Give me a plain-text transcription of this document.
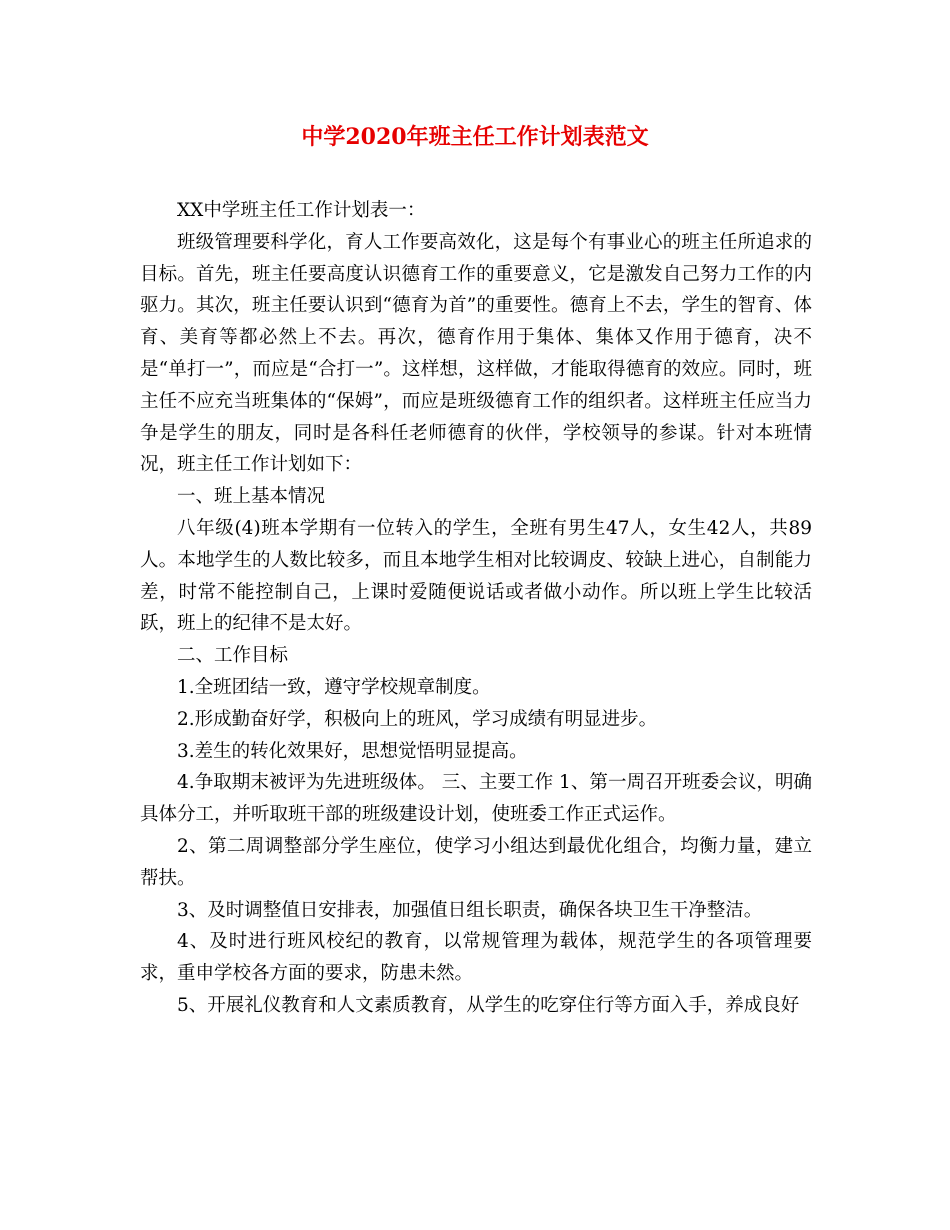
中学2020年班主任工作计划表范文

XX中学班主任工作计划表一：

班级管理要科学化，育人工作要高效化，这是每个有事业心的班主任所追求的目标。首先，班主任要高度认识德育工作的重要意义，它是激发自己努力工作的内驱力。其次，班主任要认识到“德育为首”的重要性。德育上不去，学生的智育、体育、美育等都必然上不去。再次，德育作用于集体、集体又作用于德育，决不是“单打一”，而应是“合打一”。这样想，这样做，才能取得德育的效应。同时，班主任不应充当班集体的“保姆”，而应是班级德育工作的组织者。这样班主任应当力争是学生的朋友，同时是各科任老师德育的伙伴，学校领导的参谋。针对本班情况，班主任工作计划如下：

一、班上基本情况

八年级(4)班本学期有一位转入的学生，全班有男生47人，女生42人，共89人。本地学生的人数比较多，而且本地学生相对比较调皮、较缺上进心，自制能力差，时常不能控制自己，上课时爱随便说话或者做小动作。所以班上学生比较活跃，班上的纪律不是太好。

二、工作目标

1.全班团结一致，遵守学校规章制度。

2.形成勤奋好学，积极向上的班风，学习成绩有明显进步。

3.差生的转化效果好，思想觉悟明显提高。

4.争取期末被评为先进班级体。 三、主要工作 1、第一周召开班委会议，明确具体分工，并听取班干部的班级建设计划，使班委工作正式运作。

2、第二周调整部分学生座位，使学习小组达到最优化组合，均衡力量，建立帮扶。

3、及时调整值日安排表，加强值日组长职责，确保各块卫生干净整洁。

4、及时进行班风校纪的教育，以常规管理为载体，规范学生的各项管理要求，重申学校各方面的要求，防患未然。

5、开展礼仪教育和人文素质教育，从学生的吃穿住行等方面入手，养成良好
